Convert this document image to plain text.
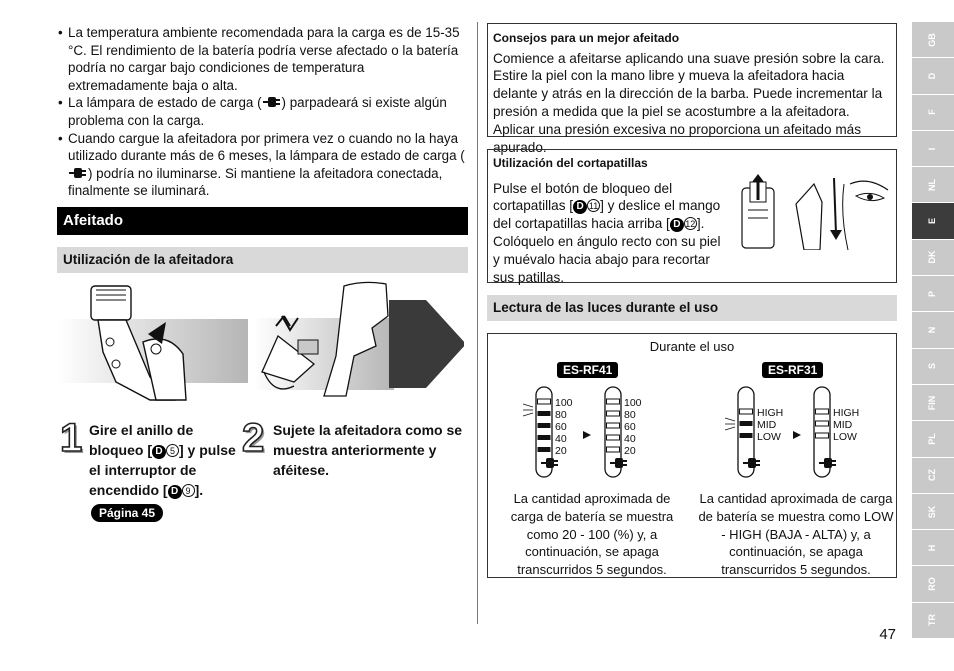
• La temperatura ambiente recomendada para la carga es de 15-35 °C. El rendimiento de la batería podría verse afectado o la batería podría no cargar bajo condiciones de temperatura extremadamente baja o alta.
• La lámpara de estado de carga ( ) parpadeará si existe algún problema con la carga.
• Cuando cargue la afeitadora por primera vez o cuando no la haya utilizado durante más de 6 meses, la lámpara de estado de carga () podría no iluminarse. Si mantiene la afeitadora conectada, finalmente se iluminará.
Afeitado
Utilización de la afeitadora
1 Gire el anillo de bloqueo [ D 5 ] y pulse el interruptor de encendido [ D 9 ].
Página 45
2 Sujete la afeitadora como se muestra anteriormente y aféitese.
Consejos para un mejor afeitado
Comience a afeitarse aplicando una suave presión sobre la cara. Estire la piel con la mano libre y mueva la afeitadora hacia delante y atrás en la dirección de la barba. Puede incrementar la presión a medida que la piel se acostumbre a la afeitadora. Aplicar una presión excesiva no proporciona un afeitado más apurado.
Utilización del cortapatillas
Pulse el botón de bloqueo del cortapatillas [ D 11 ] y deslice el mango del cortapatillas hacia arriba [ D 12 ]. Colóquelo en ángulo recto con su piel y muévalo hacia abajo para recortar sus patillas.
Lectura de las luces durante el uso
Durante el uso
ES-RF41	ES-RF31
100
80
60
40
20
100
80
60
40
20
HIGH
MID
LOW
HIGH
MID
LOW
La cantidad aproximada de carga de batería se muestra como 20 - 100 (%) y, a continuación, se apaga transcurridos 5 segundos.
La cantidad aproximada de carga de batería se muestra como LOW - HIGH (BAJA - ALTA) y, a continuación, se apaga transcurridos 5 segundos.
GB
D
F
I
NL
E
DK
P
N
S
FIN
PL
CZ
SK
H
RO
TR
47
